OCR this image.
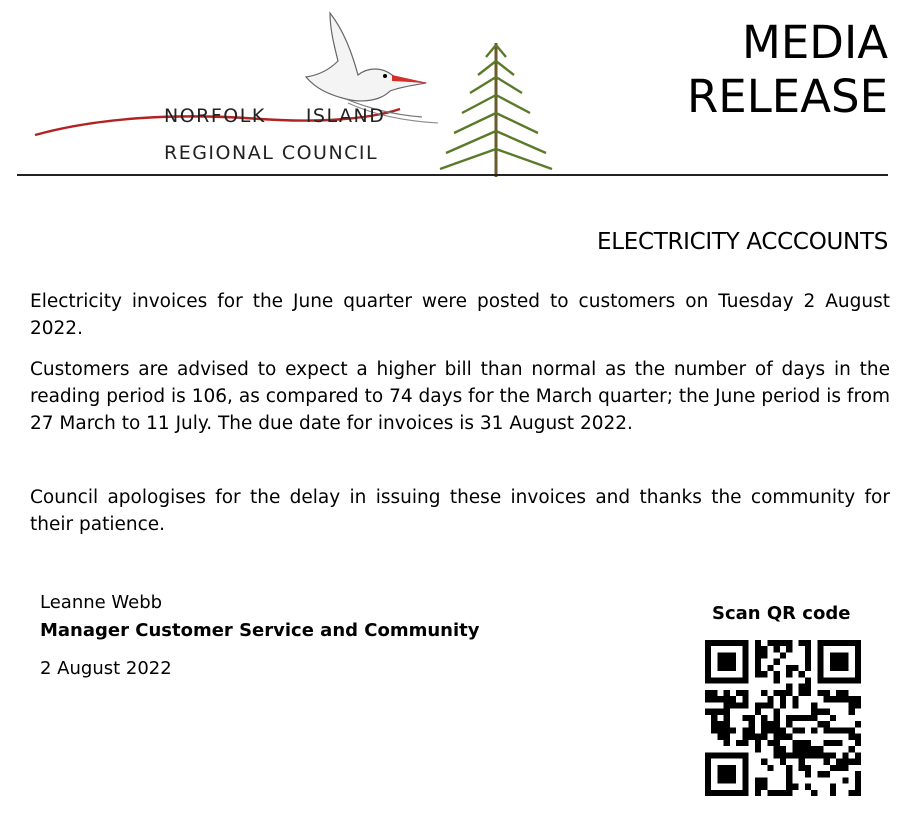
NORFOLK ISLAND
REGIONAL COUNCIL
MEDIA
RELEASE
ELECTRICITY ACCCOUNTS

Electricity invoices for the June quarter were posted to customers on Tuesday 2 August 2022.

Customers are advised to expect a higher bill than normal as the number of days in the reading period is 106, as compared to 74 days for the March quarter; the June period is from 27 March to 11 July. The due date for invoices is 31 August 2022.

Council apologises for the delay in issuing these invoices and thanks the community for their patience.

Leanne Webb
Manager Customer Service and Community
2 August 2022
Scan QR code
